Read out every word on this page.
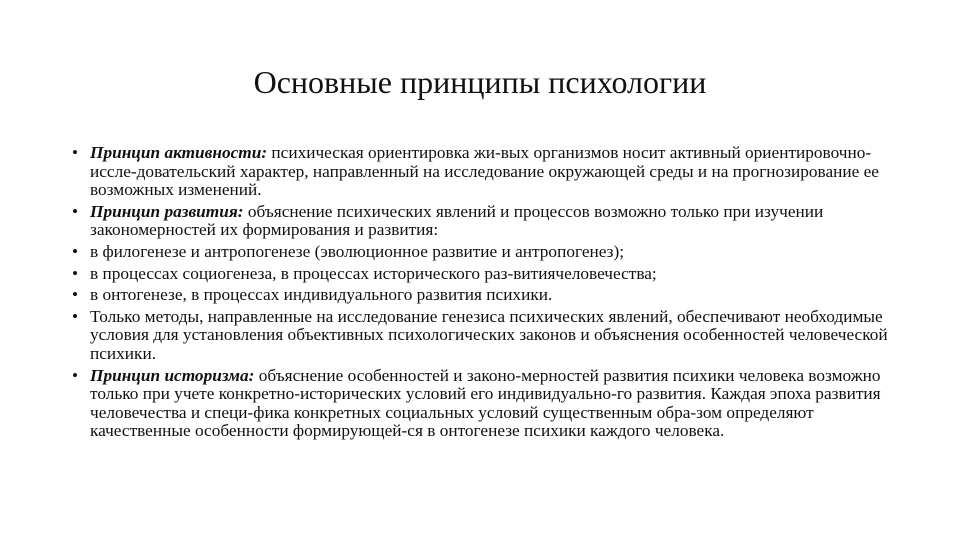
Основные принципы психологии
• Принцип активности: психическая ориентировка жи-вых организмов носит активный ориентировочно-иссле-довательский характер, направленный на исследование окружающей среды и на прогнозирование ее возможных изменений.
• Принцип развития: объяснение психических явлений и процессов возможно только при изучении закономерностей их формирования и развития:
• в филогенезе и антропогенезе (эволюционное развитие и антропогенез);
• в процессах социогенеза, в процессах исторического раз-витиячеловечества;
• в онтогенезе, в процессах индивидуального развития психики.
• Только методы, направленные на исследование генезиса психических явлений, обеспечивают необходимые условия для установления объективных психологических законов и объяснения особенностей человеческой психики.
• Принцип историзма: объяснение особенностей и законо-мерностей развития психики человека возможно только при учете конкретно-исторических условий его индивидуально-го развития. Каждая эпоха развития человечества и специ-фика конкретных социальных условий существенным обра-зом определяют качественные особенности формирующей-ся в онтогенезе психики каждого человека.
